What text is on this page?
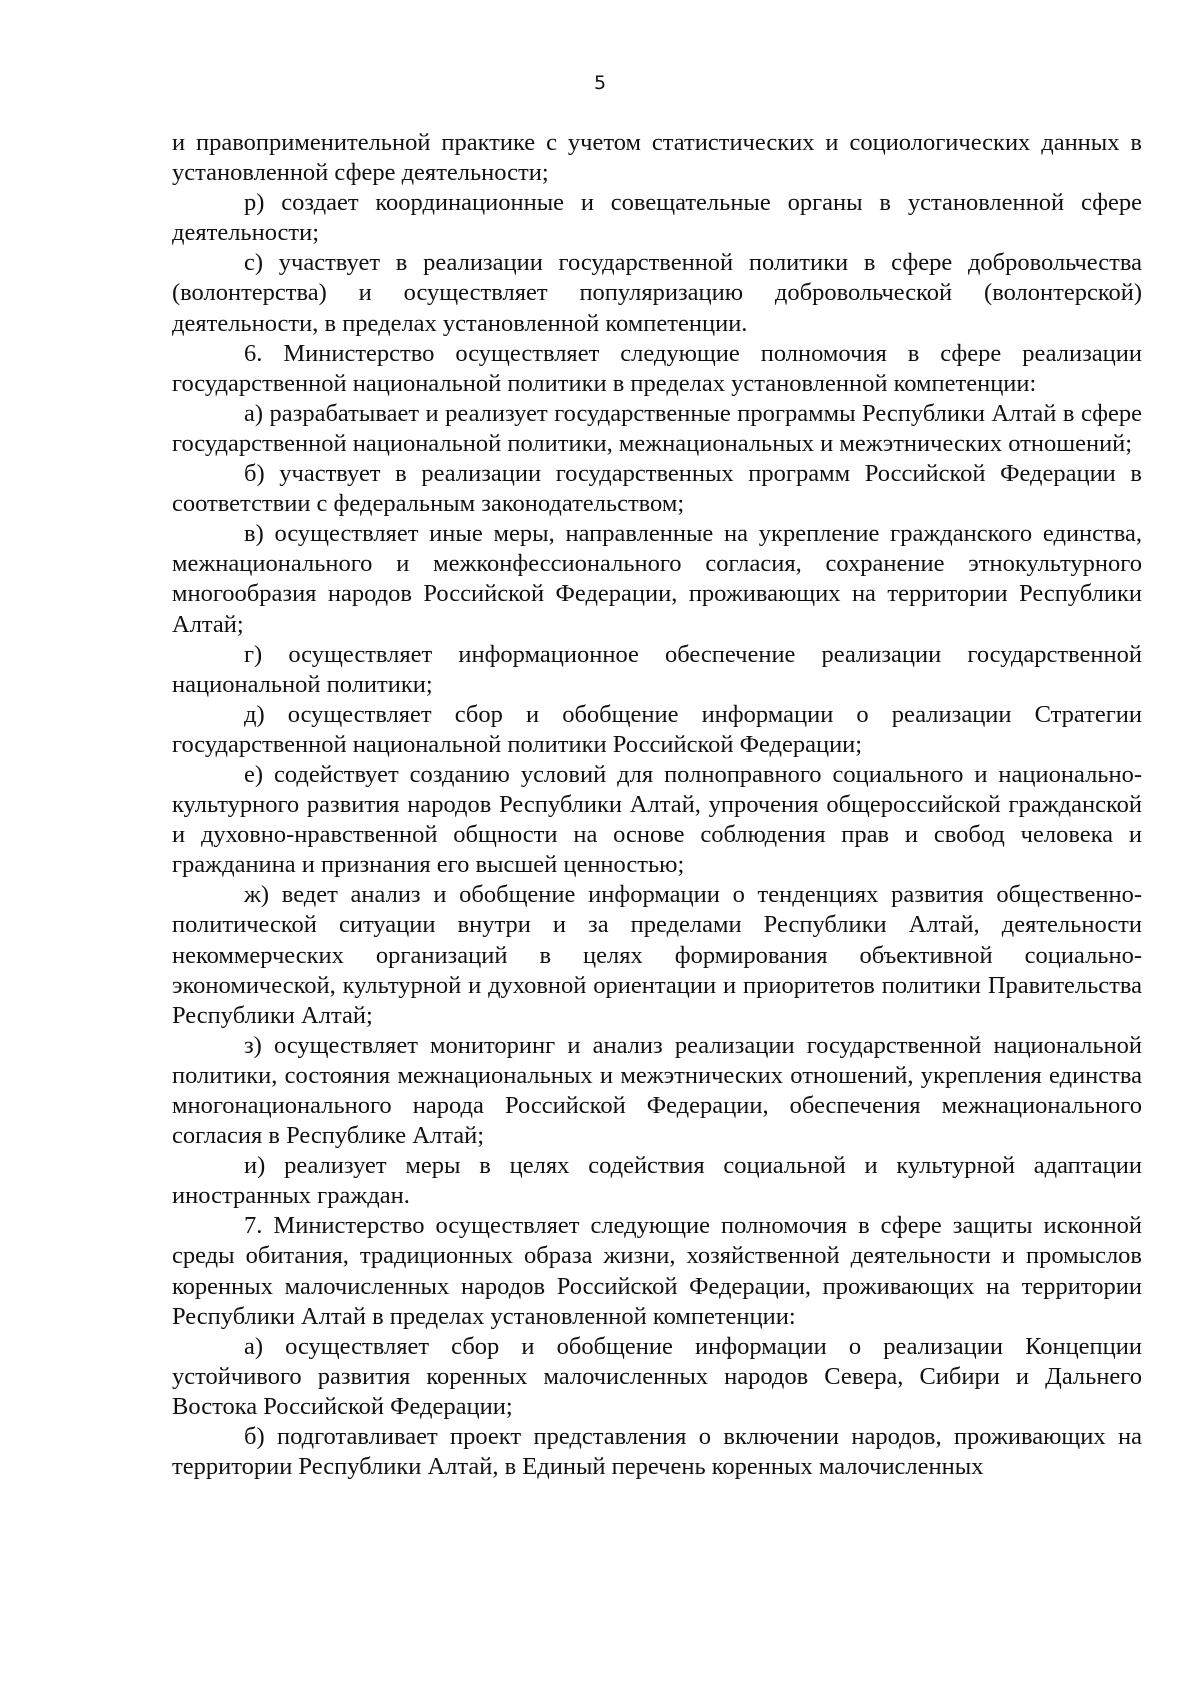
5

и правоприменительной практике с учетом статистических и социологических данных в установленной сфере деятельности;

р) создает координационные и совещательные органы в установленной сфере деятельности;

с) участвует в реализации государственной политики в сфере добровольчества (волонтерства) и осуществляет популяризацию добровольческой (волонтерской) деятельности, в пределах установленной компетенции.

6. Министерство осуществляет следующие полномочия в сфере реализации государственной национальной политики в пределах установленной компетенции:

а) разрабатывает и реализует государственные программы Республики Алтай в сфере государственной национальной политики, межнациональных и межэтнических отношений;

б) участвует в реализации государственных программ Российской Федерации в соответствии с федеральным законодательством;

в) осуществляет иные меры, направленные на укрепление гражданского единства, межнационального и межконфессионального согласия, сохранение этнокультурного многообразия народов Российской Федерации, проживающих на территории Республики Алтай;

г) осуществляет информационное обеспечение реализации государственной национальной политики;

д) осуществляет сбор и обобщение информации о реализации Стратегии государственной национальной политики Российской Федерации;

е) содействует созданию условий для полноправного социального и национально-культурного развития народов Республики Алтай, упрочения общероссийской гражданской и духовно-нравственной общности на основе соблюдения прав и свобод человека и гражданина и признания его высшей ценностью;

ж) ведет анализ и обобщение информации о тенденциях развития общественно-политической ситуации внутри и за пределами Республики Алтай, деятельности некоммерческих организаций в целях формирования объективной социально-экономической, культурной и духовной ориентации и приоритетов политики Правительства Республики Алтай;

з) осуществляет мониторинг и анализ реализации государственной национальной политики, состояния межнациональных и межэтнических отношений, укрепления единства многонационального народа Российской Федерации, обеспечения межнационального согласия в Республике Алтай;

и) реализует меры в целях содействия социальной и культурной адаптации иностранных граждан.

7. Министерство осуществляет следующие полномочия в сфере защиты исконной среды обитания, традиционных образа жизни, хозяйственной деятельности и промыслов коренных малочисленных народов Российской Федерации, проживающих на территории Республики Алтай в пределах установленной компетенции:

а) осуществляет сбор и обобщение информации о реализации Концепции устойчивого развития коренных малочисленных народов Севера, Сибири и Дальнего Востока Российской Федерации;

б) подготавливает проект представления о включении народов, проживающих на территории Республики Алтай, в Единый перечень коренных малочисленных
